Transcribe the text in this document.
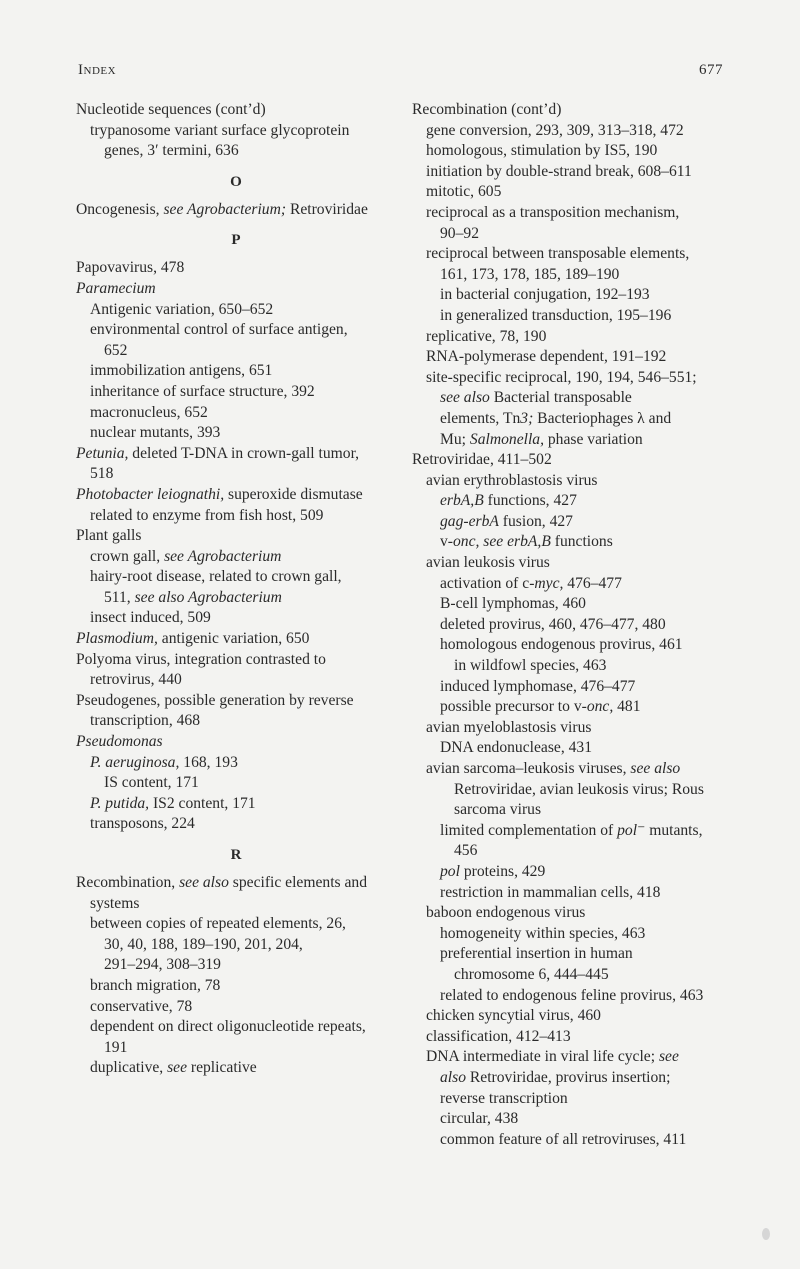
Index	677
Nucleotide sequences (cont’d)
trypanosome variant surface glycoprotein
genes, 3′ termini, 636
O
Oncogenesis, see Agrobacterium; Retroviridae
P
Papovavirus, 478
Paramecium
Antigenic variation, 650–652
environmental control of surface antigen,
652
immobilization antigens, 651
inheritance of surface structure, 392
macronucleus, 652
nuclear mutants, 393
Petunia, deleted T-DNA in crown-gall tumor,
518
Photobacter leiognathi, superoxide dismutase
related to enzyme from fish host, 509
Plant galls
crown gall, see Agrobacterium
hairy-root disease, related to crown gall,
511, see also Agrobacterium
insect induced, 509
Plasmodium, antigenic variation, 650
Polyoma virus, integration contrasted to
retrovirus, 440
Pseudogenes, possible generation by reverse
transcription, 468
Pseudomonas
P. aeruginosa, 168, 193
IS content, 171
P. putida, IS2 content, 171
transposons, 224
R
Recombination, see also specific elements and
systems
between copies of repeated elements, 26,
30, 40, 188, 189–190, 201, 204,
291–294, 308–319
branch migration, 78
conservative, 78
dependent on direct oligonucleotide repeats,
191
duplicative, see replicative
Recombination (cont’d)
gene conversion, 293, 309, 313–318, 472
homologous, stimulation by IS5, 190
initiation by double-strand break, 608–611
mitotic, 605
reciprocal as a transposition mechanism,
90–92
reciprocal between transposable elements,
161, 173, 178, 185, 189–190
in bacterial conjugation, 192–193
in generalized transduction, 195–196
replicative, 78, 190
RNA-polymerase dependent, 191–192
site-specific reciprocal, 190, 194, 546–551;
see also Bacterial transposable
elements, Tn3; Bacteriophages λ and
Mu; Salmonella, phase variation
Retroviridae, 411–502
avian erythroblastosis virus
erbA,B functions, 427
gag-erbA fusion, 427
v-onc, see erbA,B functions
avian leukosis virus
activation of c-myc, 476–477
B-cell lymphomas, 460
deleted provirus, 460, 476–477, 480
homologous endogenous provirus, 461
in wildfowl species, 463
induced lymphomase, 476–477
possible precursor to v-onc, 481
avian myeloblastosis virus
DNA endonuclease, 431
avian sarcoma–leukosis viruses, see also
Retroviridae, avian leukosis virus; Rous
sarcoma virus
limited complementation of pol⁻ mutants,
456
pol proteins, 429
restriction in mammalian cells, 418
baboon endogenous virus
homogeneity within species, 463
preferential insertion in human
chromosome 6, 444–445
related to endogenous feline provirus, 463
chicken syncytial virus, 460
classification, 412–413
DNA intermediate in viral life cycle; see
also Retroviridae, provirus insertion;
reverse transcription
circular, 438
common feature of all retroviruses, 411
